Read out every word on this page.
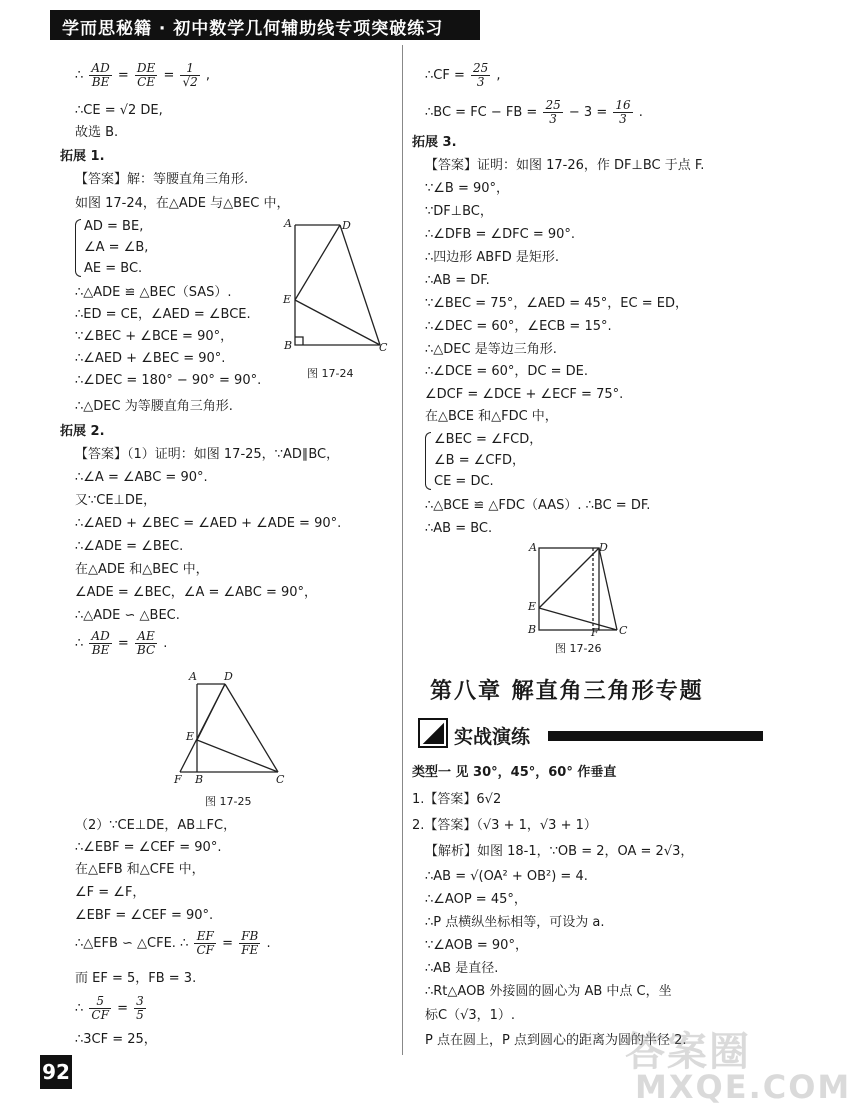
学而思秘籍 · 初中数学几何辅助线专项突破练习
∴ $\frac{AD}{BE} = \frac{DE}{CE} = \frac{1}{√2}$ ,
∴CE = √2 DE,
故选 B.
拓展 1.
【答案】解：等腰直角三角形.
如图 17-24，在△ADE 与△BEC 中，
AD = BE,
∠A = ∠B,
AE = BC.
∴△ADE ≌ △BEC（SAS）.
∴ED = CE，∠AED = ∠BCE.
∵∠BEC + ∠BCE = 90°，
∴∠AED + ∠BEC = 90°.
∴∠DEC = 180° − 90° = 90°.
∴△DEC 为等腰直角三角形.
A	D
E
B	C
图 17-24
拓展 2.
【答案】（1）证明：如图 17-25，∵AD∥BC，
∴∠A = ∠ABC = 90°.
又∵CE⊥DE，
∴∠AED + ∠BEC = ∠AED + ∠ADE = 90°.
∴∠ADE = ∠BEC.
在△ADE 和△BEC 中，
∠ADE = ∠BEC，∠A = ∠ABC = 90°，
∴△ADE ∽ △BEC.
∴ $\frac{AD}{BE} = \frac{AE}{BC}$ .
A D
E
F B	C
图 17-25
（2）∵CE⊥DE，AB⊥FC，
∴∠EBF = ∠CEF = 90°.
在△EFB 和△CFE 中，
∠F = ∠F，
∠EBF = ∠CEF = 90°.
∴△EFB ∽ △CFE. ∴ $\frac{EF}{CF} = \frac{FB}{FE}$ .
而 EF = 5，FB = 3.
∴ $\frac{5}{CF} = \frac{3}{5}$
∴3CF = 25，
∴CF = $\frac{25}{3}$ ,
∴BC = FC − FB = $\frac{25}{3} - 3 = \frac{16}{3}$ .
拓展 3.
【答案】证明：如图 17-26，作 DF⊥BC 于点 F.
∵∠B = 90°，
∵DF⊥BC，
∴∠DFB = ∠DFC = 90°.
∴四边形 ABFD 是矩形.
∴AB = DF.
∵∠BEC = 75°，∠AED = 45°，EC = ED，
∴∠DEC = 60°，∠ECB = 15°.
∴△DEC 是等边三角形.
∴∠DCE = 60°，DC = DE.
∠DCF = ∠DCE + ∠ECF = 75°.
在△BCE 和△FDC 中，
∠BEC = ∠FCD，
∠B = ∠CFD，
CE = DC.
∴△BCE ≌ △FDC（AAS）. ∴BC = DF.
∴AB = BC.
A	D
E
B	F C
图 17-26
第八章 解直角三角形专题
实战演练
类型一 见 30°，45°，60° 作垂直
1.【答案】6√2
2.【答案】（√3 + 1，√3 + 1）
【解析】如图 18-1，∵OB = 2，OA = 2√3，
∴AB = √(OA² + OB²) = 4.
∴∠AOP = 45°，
∴P 点横纵坐标相等，可设为 a.
∵∠AOB = 90°，
∴AB 是直径.
∴Rt△AOB 外接圆的圆心为 AB 中点 C，坐
标C（√3，1）.
P 点在圆上，P 点到圆心的距离为圆的半径 2.
92	答案圈
MXQE.COM
